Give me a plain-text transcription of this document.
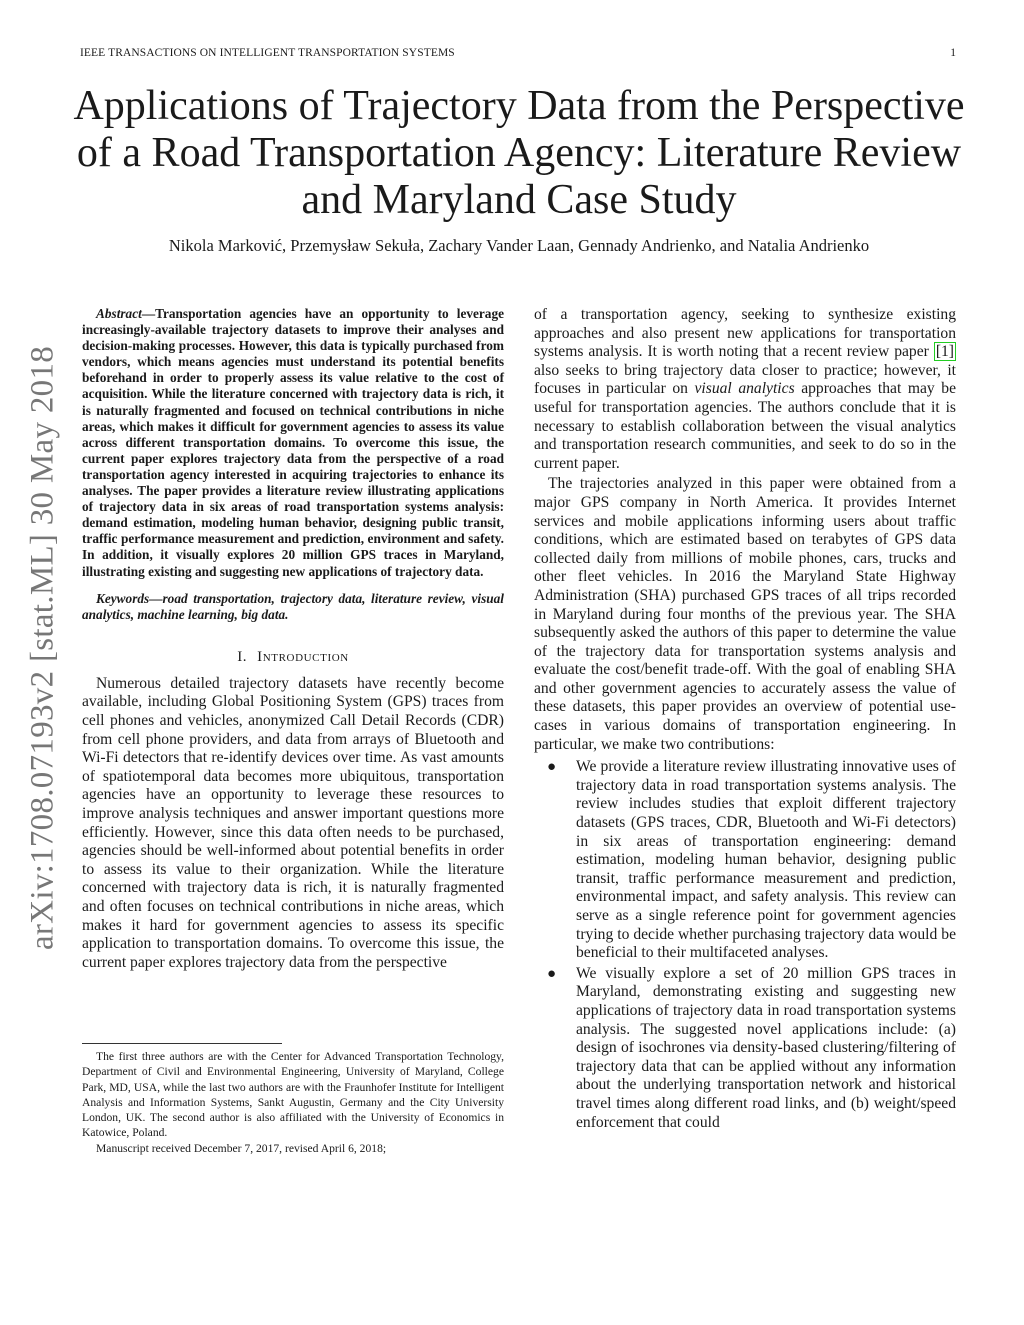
IEEE TRANSACTIONS ON INTELLIGENT TRANSPORTATION SYSTEMS	1
Applications of Trajectory Data from the Perspective
of a Road Transportation Agency: Literature Review
and Maryland Case Study
Nikola Marković, Przemysław Sekuła, Zachary Vander Laan, Gennady Andrienko, and Natalia Andrienko
arXiv:1708.07193v2 [stat.ML] 30 May 2018

Abstract—Transportation agencies have an opportunity to leverage increasingly-available trajectory datasets to improve their analyses and decision-making processes. However, this data is typically purchased from vendors, which means agencies must understand its potential benefits beforehand in order to properly assess its value relative to the cost of acquisition. While the literature concerned with trajectory data is rich, it is naturally fragmented and focused on technical contributions in niche areas, which makes it difficult for government agencies to assess its value across different transportation domains. To overcome this issue, the current paper explores trajectory data from the perspective of a road transportation agency interested in acquiring trajectories to enhance its analyses. The paper provides a literature review illustrating applications of trajectory data in six areas of road transportation systems analysis: demand estimation, modeling human behavior, designing public transit, traffic performance measurement and prediction, environment and safety. In addition, it visually explores 20 million GPS traces in Maryland, illustrating existing and suggesting new applications of trajectory data.

Keywords—road transportation, trajectory data, literature review, visual analytics, machine learning, big data.

I. Introduction

Numerous detailed trajectory datasets have recently become available, including Global Positioning System (GPS) traces from cell phones and vehicles, anonymized Call Detail Records (CDR) from cell phone providers, and data from arrays of Bluetooth and Wi-Fi detectors that re-identify devices over time. As vast amounts of spatiotemporal data becomes more ubiquitous, transportation agencies have an opportunity to leverage these resources to improve analysis techniques and answer important questions more efficiently. However, since this data often needs to be purchased, agencies should be well-informed about potential benefits in order to assess its value to their organization. While the literature concerned with trajectory data is rich, it is naturally fragmented and often focuses on technical contributions in niche areas, which makes it hard for government agencies to assess its specific application to transportation domains. To overcome this issue, the current paper explores trajectory data from the perspective

The first three authors are with the Center for Advanced Transportation Technology, Department of Civil and Environmental Engineering, University of Maryland, College Park, MD, USA, while the last two authors are with the Fraunhofer Institute for Intelligent Analysis and Information Systems, Sankt Augustin, Germany and the City University London, UK. The second author is also affiliated with the University of Economics in Katowice, Poland.

Manuscript received December 7, 2017, revised April 6, 2018;

of a transportation agency, seeking to synthesize existing approaches and also present new applications for transportation systems analysis. It is worth noting that a recent review paper [1] also seeks to bring trajectory data closer to practice; however, it focuses in particular on visual analytics approaches that may be useful for transportation agencies. The authors conclude that it is necessary to establish collaboration between the visual analytics and transportation research communities, and seek to do so in the current paper.

The trajectories analyzed in this paper were obtained from a major GPS company in North America. It provides Internet services and mobile applications informing users about traffic conditions, which are estimated based on terabytes of GPS data collected daily from millions of mobile phones, cars, trucks and other fleet vehicles. In 2016 the Maryland State Highway Administration (SHA) purchased GPS traces of all trips recorded in Maryland during four months of the previous year. The SHA subsequently asked the authors of this paper to determine the value of the trajectory data for transportation systems analysis and evaluate the cost/benefit trade-off. With the goal of enabling SHA and other government agencies to accurately assess the value of these datasets, this paper provides an overview of potential use-cases in various domains of transportation engineering. In particular, we make two contributions:

● We provide a literature review illustrating innovative uses of trajectory data in road transportation systems analysis. The review includes studies that exploit different trajectory datasets (GPS traces, CDR, Bluetooth and Wi-Fi detectors) in six areas of transportation engineering: demand estimation, modeling human behavior, designing public transit, traffic performance measurement and prediction, environmental impact, and safety analysis. This review can serve as a single reference point for government agencies trying to decide whether purchasing trajectory data would be beneficial to their multifaceted analyses.
● We visually explore a set of 20 million GPS traces in Maryland, demonstrating existing and suggesting new applications of trajectory data in road transportation systems analysis. The suggested novel applications include: (a) design of isochrones via density-based clustering/filtering of trajectory data that can be applied without any information about the underlying transportation network and historical travel times along different road links, and (b) weight/speed enforcement that could
